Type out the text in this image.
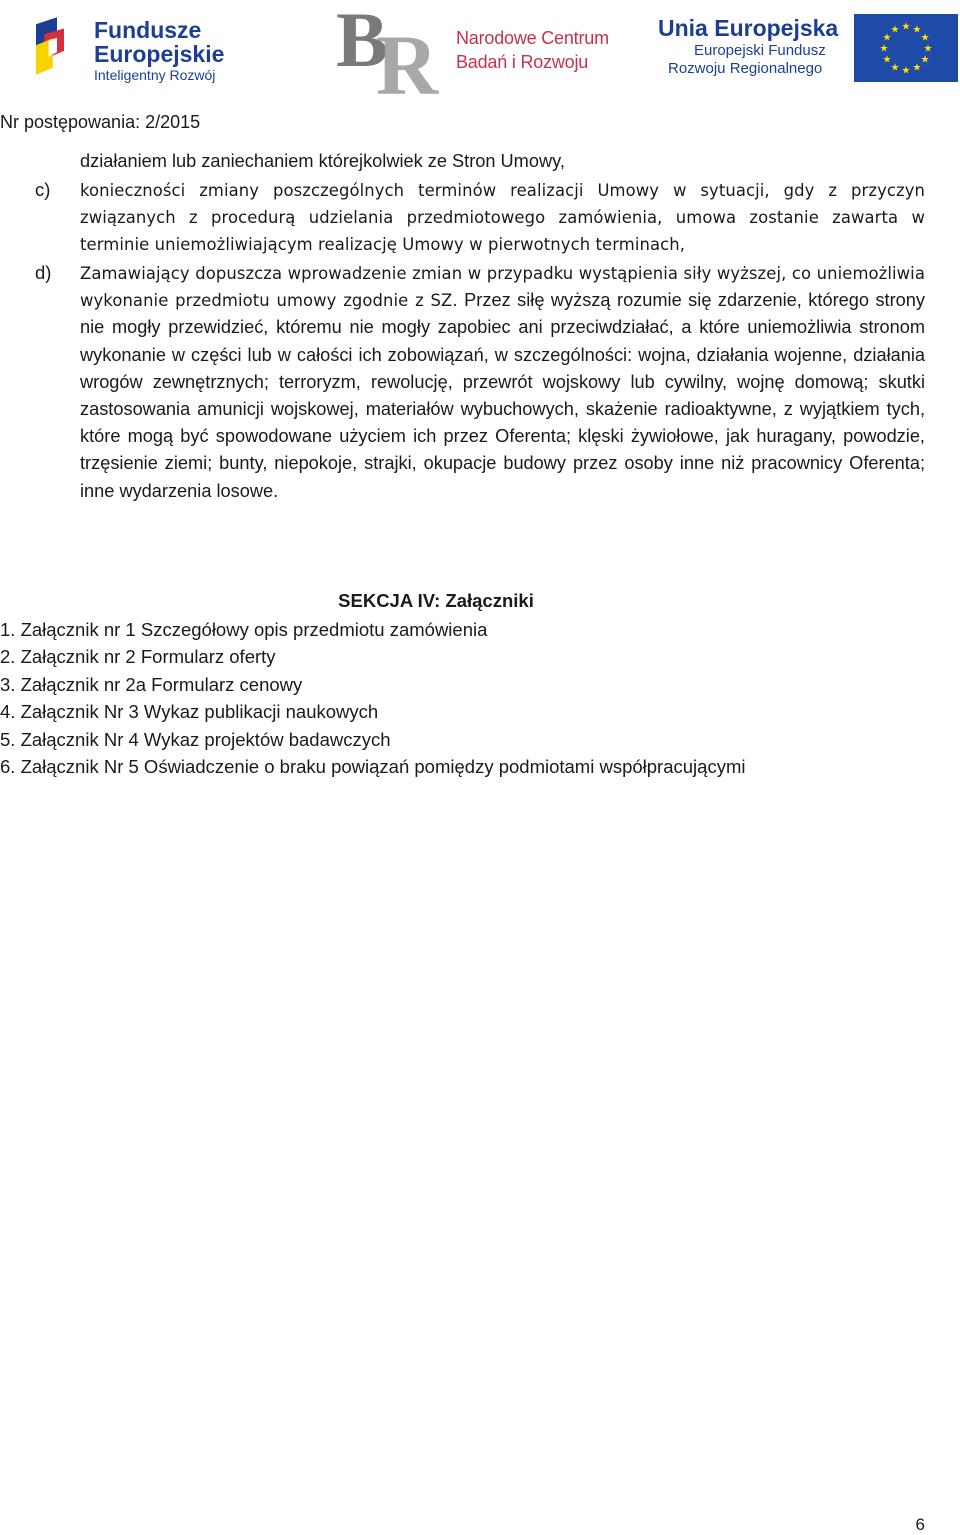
Fundusze
Europejskie
Inteligentny Rozwój B
R Narodowe Centrum
Badań i Rozwoju
Unia Europejska
Europejski Fundusz
Rozwoju Regionalnego
★ ★
★
★
★
★
★
★
★
★
★
★
Nr postępowania: 2/2015
działaniem lub zaniechaniem którejkolwiek ze Stron Umowy,
c) konieczności zmiany poszczególnych terminów realizacji Umowy w sytuacji, gdy z przyczyn związanych z procedurą udzielania przedmiotowego zamówienia, umowa zostanie zawarta w terminie uniemożliwiającym realizację Umowy w pierwotnych terminach,
d) Zamawiający dopuszcza wprowadzenie zmian w przypadku wystąpienia siły wyższej, co uniemożliwia wykonanie przedmiotu umowy zgodnie z SZ. Przez siłę wyższą rozumie się zdarzenie, którego strony nie mogły przewidzieć, któremu nie mogły zapobiec ani przeciwdziałać, a które uniemożliwia stronom wykonanie w części lub w całości ich zobowiązań, w szczególności: wojna, działania wojenne, działania wrogów zewnętrznych; terroryzm, rewolucję, przewrót wojskowy lub cywilny, wojnę domową; skutki zastosowania amunicji wojskowej, materiałów wybuchowych, skażenie radioaktywne, z wyjątkiem tych, które mogą być spowodowane użyciem ich przez Oferenta; klęski żywiołowe, jak huragany, powodzie, trzęsienie ziemi; bunty, niepokoje, strajki, okupacje budowy przez osoby inne niż pracownicy Oferenta; inne wydarzenia losowe.
SEKCJA IV: Załączniki
1. Załącznik nr 1 Szczegółowy opis przedmiotu zamówienia
2. Załącznik nr 2 Formularz oferty
3. Załącznik nr 2a Formularz cenowy
4. Załącznik Nr 3 Wykaz publikacji naukowych
5. Załącznik Nr 4 Wykaz projektów badawczych
6. Załącznik Nr 5 Oświadczenie o braku powiązań pomiędzy podmiotami współpracującymi
6
